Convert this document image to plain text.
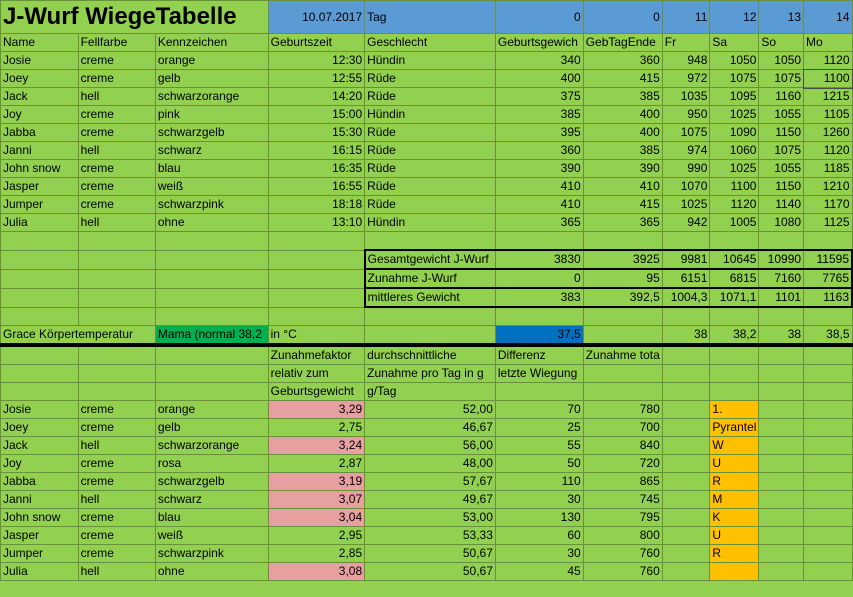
J-Wurf WiegeTabelle			10.07.2017	Tag	0	0	11	12	13	14
Name	Fellfarbe	Kennzeichen	Geburtszeit	Geschlecht	Geburtsgewich	GebTagEnde	Fr	Sa	So	Mo
Josie	creme	orange	12:30	Hündin	340	360	948	1050	1050	1120
Joey	creme	gelb	12:55	Rüde	400	415	972	1075	1075	1100
Jack	hell	schwarzorange	14:20	Rüde	375	385	1035	1095	1160	1215
Joy	creme	pink	15:00	Hündin	385	400	950	1025	1055	1105
Jabba	creme	schwarzgelb	15:30	Rüde	395	400	1075	1090	1150	1260
Janni	hell	schwarz	16:15	Rüde	360	385	974	1060	1075	1120
John snow	creme	blau	16:35	Rüde	390	390	990	1025	1055	1185
Jasper	creme	weiß	16:55	Rüde	410	410	1070	1100	1150	1210
Jumper	creme	schwarzpink	18:18	Rüde	410	415	1025	1120	1140	1170
Julia	hell	ohne	13:10	Hündin	365	365	942	1005	1080	1125

				Gesamtgewicht J-Wurf	3830	3925	9981	10645	10990	11595
				Zunahme J-Wurf	0	95	6151	6815	7160	7765
				mittleres Gewicht	383	392,5	1004,3	1071,1	1101	1163

Grace Körpertemperatur		Mama (normal 38,2	in °C		37,5		38	38,2	38	38,5
			Zunahmefaktor	durchschnittliche	Differenz	Zunahme tota				
			relativ zum	Zunahme pro Tag in g	letzte Wiegung					
			Geburtsgewicht	g/Tag						
Josie	creme	orange	3,29	52,00	70	780		1.		
Joey	creme	gelb	2,75	46,67	25	700		Pyrantel		
Jack	hell	schwarzorange	3,24	56,00	55	840		W		
Joy	creme	rosa	2,87	48,00	50	720		U		
Jabba	creme	schwarzgelb	3,19	57,67	110	865		R		
Janni	hell	schwarz	3,07	49,67	30	745		M		
John snow	creme	blau	3,04	53,00	130	795		K		
Jasper	creme	weiß	2,95	53,33	60	800		U		
Jumper	creme	schwarzpink	2,85	50,67	30	760		R		
Julia	hell	ohne	3,08	50,67	45	760				
